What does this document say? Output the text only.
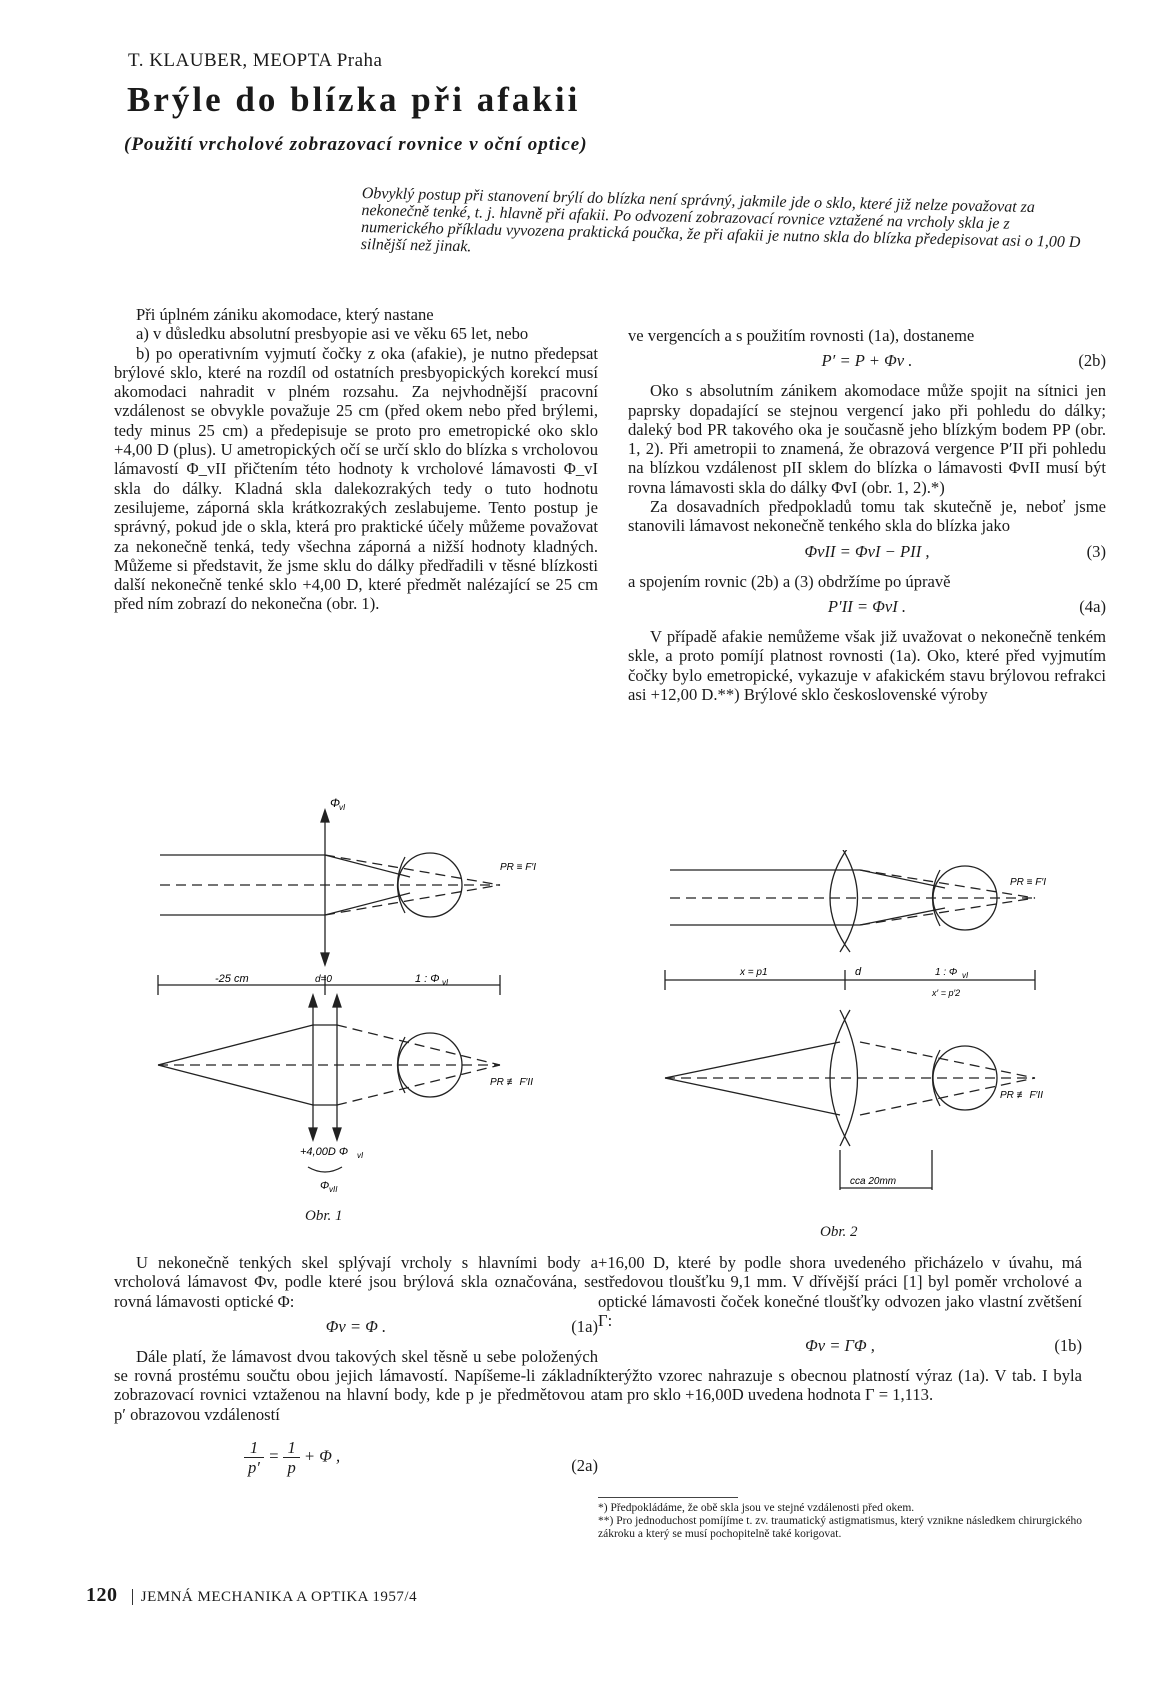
T. KLAUBER, MEOPTA Praha
Brýle do blízka při afakii
(Použití vrcholové zobrazovací rovnice v oční optice)
Obvyklý postup při stanovení brýlí do blízka není správný, jakmile jde o sklo, které již nelze považovat za nekonečně tenké, t. j. hlavně při afakii. Po odvození zobrazovací rovnice vztažené na vrcholy skla je z numerického příkladu vyvozena praktická poučka, že při afakii je nutno skla do blízka předepisovat asi o 1,00 D silnější než jinak.

Při úplném zániku akomodace, který nastane

a) v důsledku absolutní presbyopie asi ve věku 65 let, nebo

b) po operativním vyjmutí čočky z oka (afakie), je nutno předepsat brýlové sklo, které na rozdíl od ostatních presbyopických korekcí musí akomodaci nahradit v plném rozsahu. Za nejvhodnější pracovní vzdálenost se obvykle považuje 25 cm (před okem nebo před brýlemi, tedy minus 25 cm) a předepisuje se proto pro emetropické oko sklo +4,00 D (plus). U ametropických očí se určí sklo do blízka s vrcholovou lámavostí Φ_vII přičtením této hodnoty k vrcholové lámavosti Φ_vI skla do dálky. Kladná skla dalekozrakých tedy o tuto hodnotu zesilujeme, záporná skla krátkozrakých zeslabujeme. Tento postup je správný, pokud jde o skla, která pro praktické účely můžeme považovat za nekonečně tenká, tedy všechna záporná a nižší hodnoty kladných. Můžeme si představit, že jsme sklu do dálky předřadili v těsné blízkosti další nekonečně tenké sklo +4,00 D, které předmět nalézající se 25 cm před ním zobrazí do nekonečna (obr. 1).

ve vergencích a s použitím rovnosti (1a), dostaneme

P′ = P + Φv .	(2b)

Oko s absolutním zánikem akomodace může spojit na sítnici jen paprsky dopadající se stejnou vergencí jako při pohledu do dálky; daleký bod PR takového oka je současně jeho blízkým bodem PP (obr. 1, 2). Při ametropii to znamená, že obrazová vergence P′II při pohledu na blízkou vzdálenost pII sklem do blízka o lámavosti ΦvII musí být rovna lámavosti skla do dálky ΦvI (obr. 1, 2).*)

Za dosavadních předpokladů tomu tak skutečně je, neboť jsme stanovili lámavost nekonečně tenkého skla do blízka jako

ΦvII = ΦvI − PII ,	(3)

a spojením rovnic (2b) a (3) obdržíme po úpravě

P′II = ΦvI .	(4a)

V případě afakie nemůžeme však již uvažovat o nekonečně tenkém skle, a proto pomíjí platnost rovnosti (1a). Oko, které před vyjmutím čočky bylo emetropické, vykazuje v afakickém stavu brýlovou refrakci asi +12,00 D.**) Brýlové sklo československé výroby

Φ
vI
PR ≡ F′I
-25 cm	d=0	1 : Φ vI
PR ≢ F′II
+4,00D Φ vI
Φ vII
Obr. 1
PR ≡ F′I
x = p1	d	1 : Φ vI
x′ = p′2
PR ≢ F′II
cca 20mm
Obr. 2

U nekonečně tenkých skel splývají vrcholy s hlavními body a vrcholová lámavost Φv, podle které jsou brýlová skla označována, se rovná lámavosti optické Φ:

Φv = Φ .	(1a)

Dále platí, že lámavost dvou takových skel těsně u sebe položených se rovná prostému součtu obou jejich lámavostí. Napíšeme-li základní zobrazovací rovnici vztaženou na hlavní body, kde p je předmětovou a p′ obrazovou vzdáleností

$\frac{1}{p'} = \frac{1}{p} + \Phi$ ,	(2a)

+16,00 D, které by podle shora uvedeného přicházelo v úvahu, má středovou tloušťku 9,1 mm. V dřívější práci [1] byl poměr vrcholové a optické lámavosti čoček konečné tloušťky odvozen jako vlastní zvětšení Γ:

Φv = ΓΦ ,	(1b)

kterýžto vzorec nahrazuje s obecnou platností výraz (1a). V tab. I byla tam pro sklo +16,00D uvedena hodnota Γ = 1,113.

*) Předpokládáme, že obě skla jsou ve stejné vzdálenosti před okem.
**) Pro jednoduchost pomíjíme t. zv. traumatický astigmatismus, který vznikne následkem chirurgického zákroku a který se musí pochopitelně také korigovat.
120 JEMNÁ MECHANIKA A OPTIKA 1957/4
